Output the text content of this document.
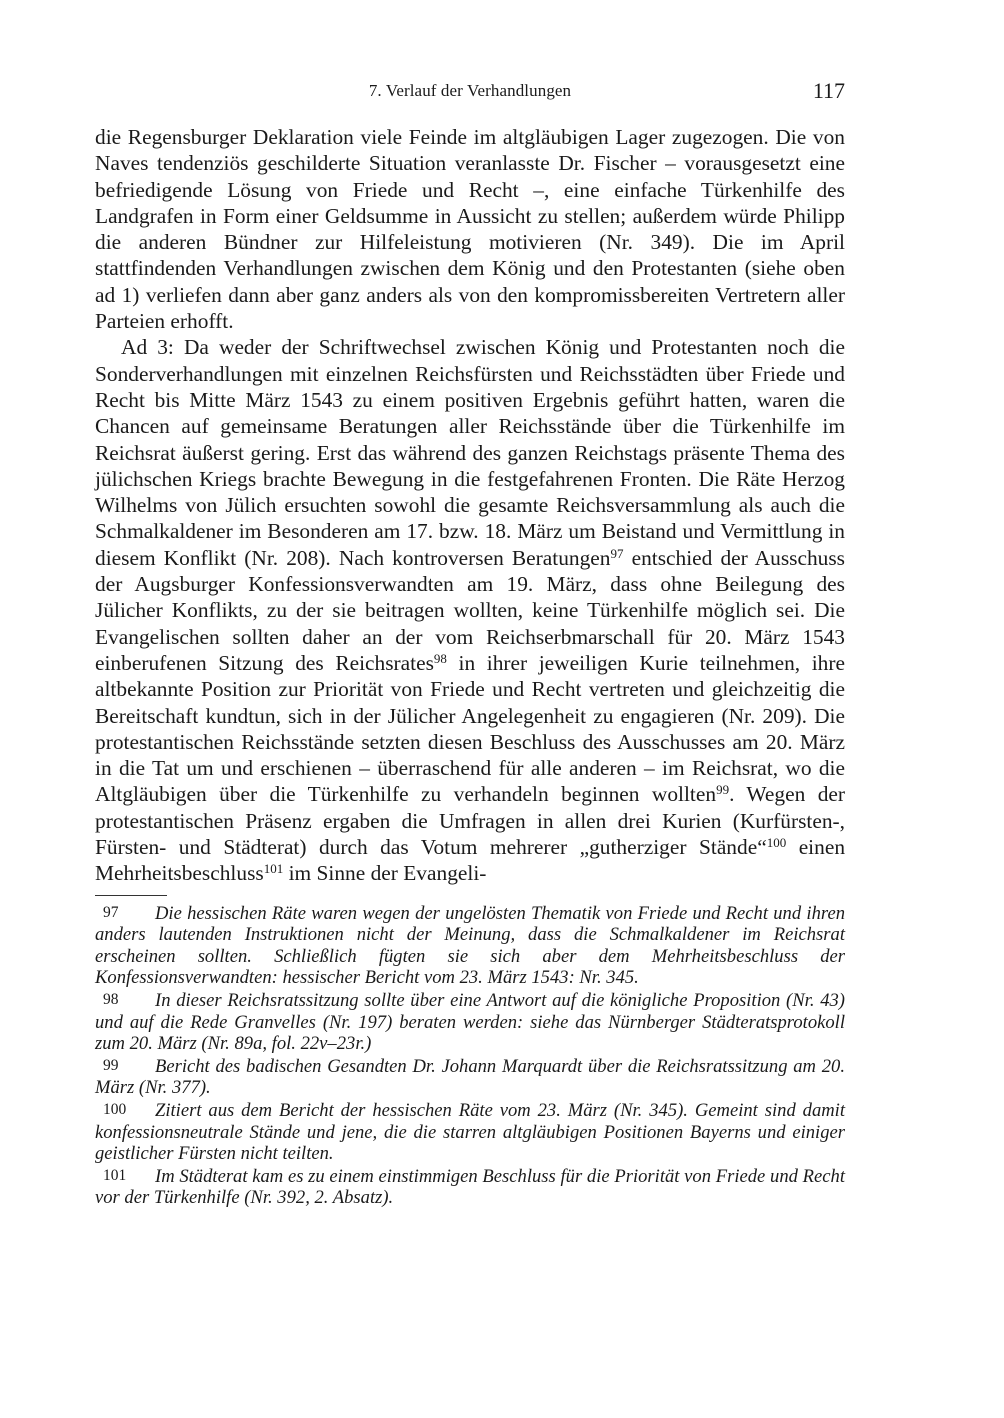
7. Verlauf der Verhandlungen	117

die Regensburger Deklaration viele Feinde im altgläubigen Lager zugezogen. Die von Naves tendenziös geschilderte Situation veranlasste Dr. Fischer – vorausgesetzt eine befriedigende Lösung von Friede und Recht –, eine einfache Türkenhilfe des Landgrafen in Form einer Geldsumme in Aussicht zu stellen; außerdem würde Philipp die anderen Bündner zur Hilfeleistung motivieren (Nr. 349). Die im April stattfindenden Verhandlungen zwischen dem König und den Protestanten (siehe oben ad 1) verliefen dann aber ganz anders als von den kompromissbereiten Vertretern aller Parteien erhofft.

Ad 3: Da weder der Schriftwechsel zwischen König und Protestanten noch die Sonderverhandlungen mit einzelnen Reichsfürsten und Reichsstädten über Friede und Recht bis Mitte März 1543 zu einem positiven Ergebnis geführt hatten, waren die Chancen auf gemeinsame Beratungen aller Reichsstände über die Türkenhilfe im Reichsrat äußerst gering. Erst das während des ganzen Reichstags präsente Thema des jülichschen Kriegs brachte Bewegung in die festgefahrenen Fronten. Die Räte Herzog Wilhelms von Jülich ersuchten sowohl die gesamte Reichsversammlung als auch die Schmalkaldener im Besonderen am 17. bzw. 18. März um Beistand und Vermittlung in diesem Konflikt (Nr. 208). Nach kontroversen Beratungen$^{97}$ entschied der Ausschuss der Augsburger Konfessionsverwandten am 19. März, dass ohne Beilegung des Jülicher Konflikts, zu der sie beitragen wollten, keine Türkenhilfe möglich sei. Die Evangelischen sollten daher an der vom Reichserbmarschall für 20. März 1543 einberufenen Sitzung des Reichsrates$^{98}$ in ihrer jeweiligen Kurie teilnehmen, ihre altbekannte Position zur Priorität von Friede und Recht vertreten und gleichzeitig die Bereitschaft kundtun, sich in der Jülicher Angelegenheit zu engagieren (Nr. 209). Die protestantischen Reichsstände setzten diesen Beschluss des Ausschusses am 20. März in die Tat um und erschienen – überraschend für alle anderen – im Reichsrat, wo die Altgläubigen über die Türkenhilfe zu verhandeln beginnen wollten$^{99}$. Wegen der protestantischen Präsenz ergaben die Umfragen in allen drei Kurien (Kurfürsten-, Fürsten- und Städterat) durch das Votum mehrerer „gutherziger Stände“$^{100}$ einen Mehrheitsbeschluss$^{101}$ im Sinne der Evangeli-

97 Die hessischen Räte waren wegen der ungelösten Thematik von Friede und Recht und ihren anders lautenden Instruktionen nicht der Meinung, dass die Schmalkaldener im Reichsrat erscheinen sollten. Schließlich fügten sie sich aber dem Mehrheitsbeschluss der Konfessionsverwandten: hessischer Bericht vom 23. März 1543: Nr. 345.

98 In dieser Reichsratssitzung sollte über eine Antwort auf die königliche Proposition (Nr. 43) und auf die Rede Granvelles (Nr. 197) beraten werden: siehe das Nürnberger Städteratsprotokoll zum 20. März (Nr. 89a, fol. 22v–23r.)

99 Bericht des badischen Gesandten Dr. Johann Marquardt über die Reichsratssitzung am 20. März (Nr. 377).

100 Zitiert aus dem Bericht der hessischen Räte vom 23. März (Nr. 345). Gemeint sind damit konfessionsneutrale Stände und jene, die die starren altgläubigen Positionen Bayerns und einiger geistlicher Fürsten nicht teilten.

101 Im Städterat kam es zu einem einstimmigen Beschluss für die Priorität von Friede und Recht vor der Türkenhilfe (Nr. 392, 2. Absatz).
